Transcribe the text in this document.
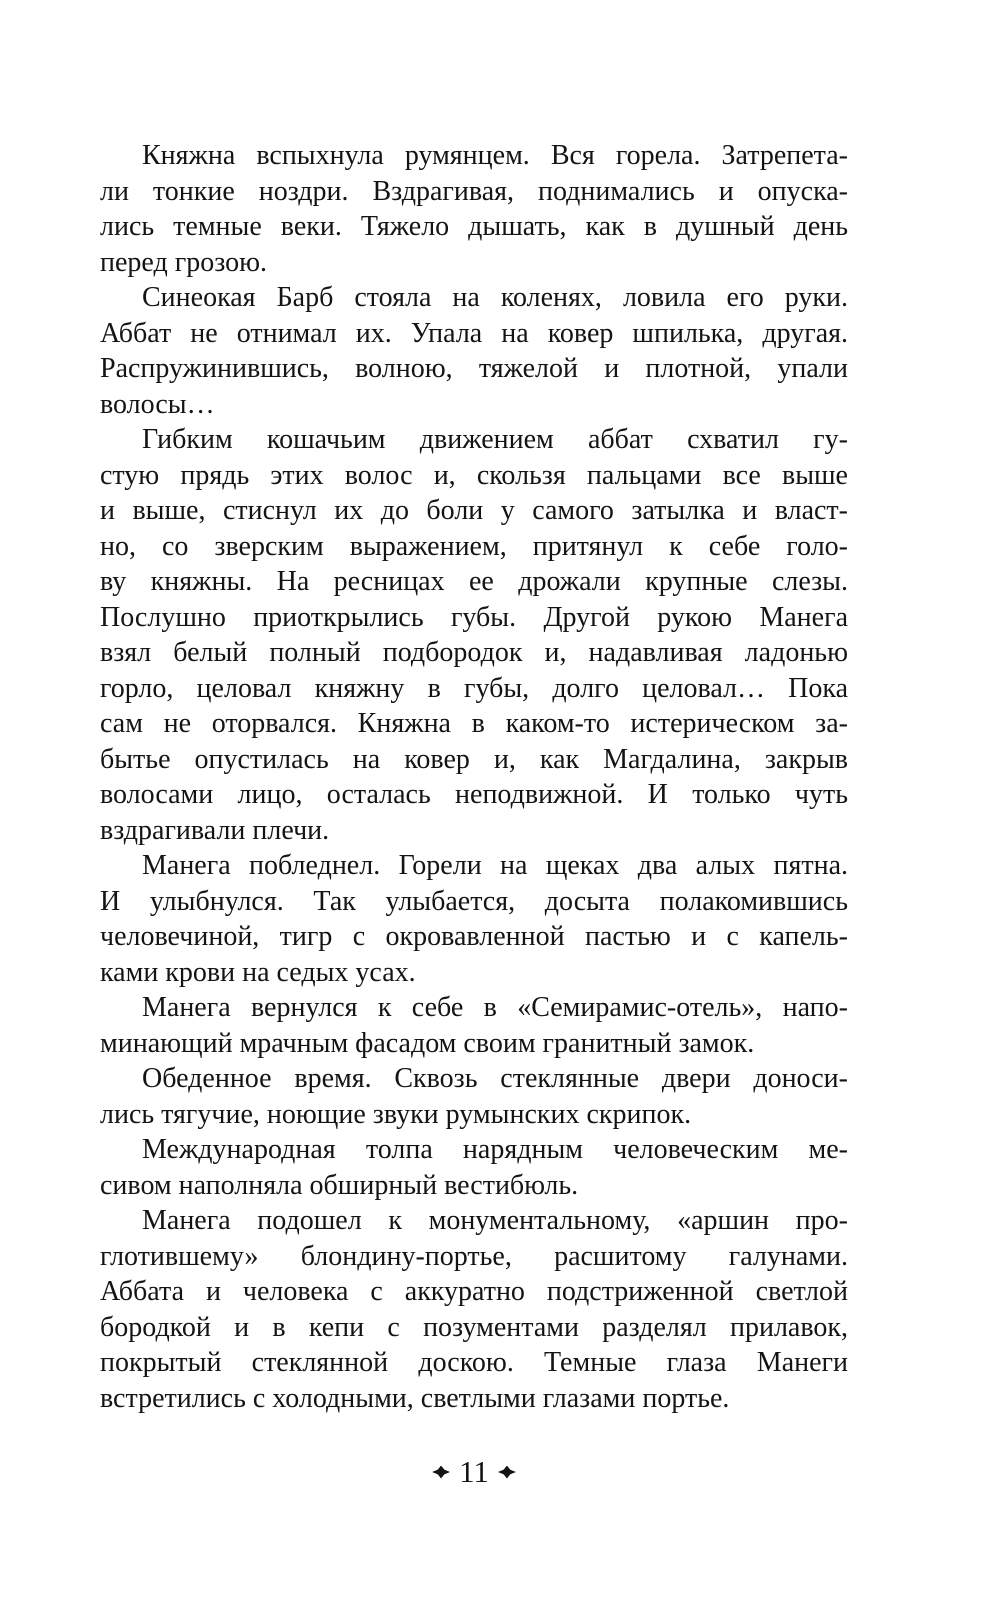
Княжна вспыхнула румянцем. Вся горела. Затрепета-
ли тонкие ноздри. Вздрагивая, поднимались и опуска-
лись темные веки. Тяжело дышать, как в душный день
перед грозою.
Синеокая Барб стояла на коленях, ловила его руки.
Аббат не отнимал их. Упала на ковер шпилька, другая.
Распружинившись, волною, тяжелой и плотной, упали
волосы…
Гибким кошачьим движением аббат схватил гу-
стую прядь этих волос и, скользя пальцами все выше
и выше, стиснул их до боли у самого затылка и власт-
но, со зверским выражением, притянул к себе голо-
ву княжны. На ресницах ее дрожали крупные слезы.
Послушно приоткрылись губы. Другой рукою Манега
взял белый полный подбородок и, надавливая ладонью
горло, целовал княжну в губы, долго целовал… Пока
сам не оторвался. Княжна в каком-то истерическом за-
бытье опустилась на ковер и, как Магдалина, закрыв
волосами лицо, осталась неподвижной. И только чуть
вздрагивали плечи.
Манега побледнел. Горели на щеках два алых пятна.
И улыбнулся. Так улыбается, досыта полакомившись
человечиной, тигр с окровавленной пастью и с капель-
ками крови на седых усах.
Манега вернулся к себе в «Семирамис-отель», напо-
минающий мрачным фасадом своим гранитный замок.
Обеденное время. Сквозь стеклянные двери доноси-
лись тягучие, ноющие звуки румынских скрипок.
Международная толпа нарядным человеческим ме-
сивом наполняла обширный вестибюль.
Манега подошел к монументальному, «аршин про-
глотившему» блондину-портье, расшитому галунами.
Аббата и человека с аккуратно подстриженной светлой
бородкой и в кепи с позументами разделял прилавок,
покрытый стеклянной доскою. Темные глаза Манеги
встретились с холодными, светлыми глазами портье.
11
